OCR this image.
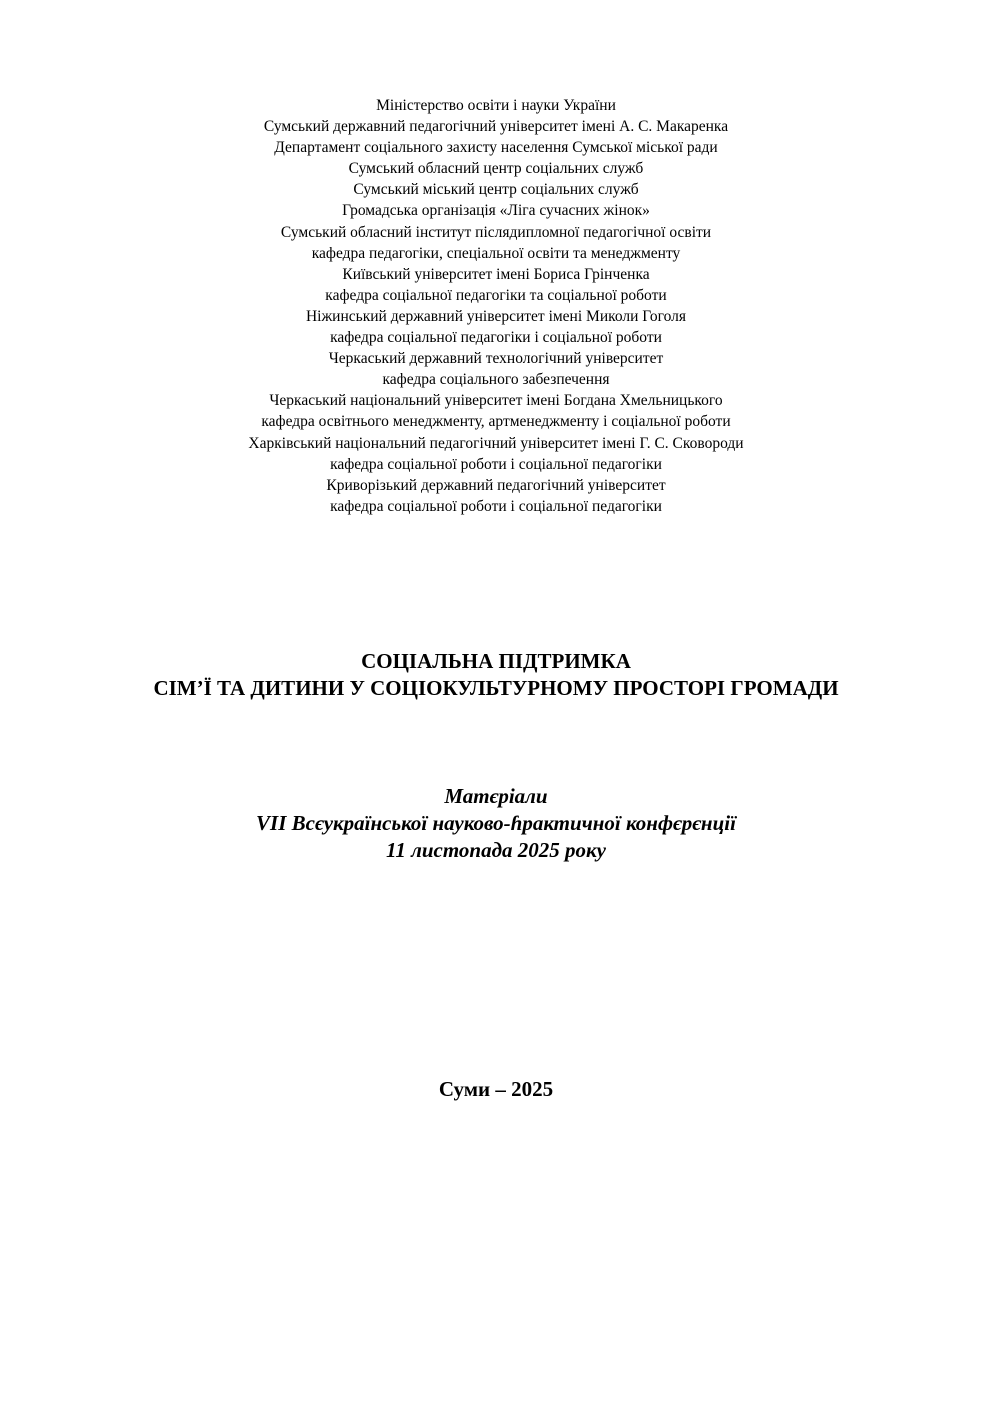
Міністерство освіти і науки України
Сумський державний педагогічний університет імені А. С. Макаренка
Департамент соціального захисту населення Сумської міської ради
Сумський обласний центр соціальних служб
Сумський міський центр соціальних служб
Громадська організація «Ліга сучасних жінок»
Сумський обласний інститут післядипломної педагогічної освіти
кафедра педагогіки, спеціальної освіти та менеджменту
Київський університет імені Бориса Грінченка
кафедра соціальної педагогіки та соціальної роботи
Ніжинський державний університет імені Миколи Гоголя
кафедра соціальної педагогіки і соціальної роботи
Черкаський державний технологічний університет
кафедра соціального забезпечення
Черкаський національний університет імені Богдана Хмельницького
кафедра освітнього менеджменту, артменеджменту і соціальної роботи
Харківський національний педагогічний університет імені Г. С. Сковороди
кафедра соціальної роботи і соціальної педагогіки
Криворізький державний педагогічний університет
кафедра соціальної роботи і соціальної педагогіки
СОЦІАЛЬНА ПІДТРИМКА
СІМ’Ї ТА ДИТИНИ У СОЦІОКУЛЬТУРНОМУ ПРОСТОРІ ГРОМАДИ
Матєріали
VІІ Всєукраїнської науково-ɦрактичної конфєрєнції
11 листопада 2025 року
Суми – 2025
